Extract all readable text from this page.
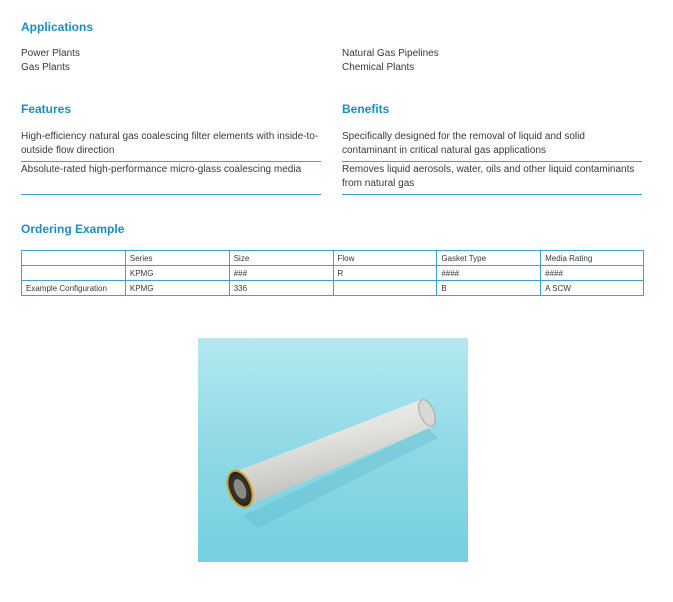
Applications
Power Plants
Gas Plants
Natural Gas Pipelines
Chemical Plants
Features
High-efficiency natural gas coalescing filter elements with inside-to-outside flow direction
Absolute-rated high-performance micro-glass coalescing media
Benefits
Specifically designed for the removal of liquid and solid contaminant in critical natural gas applications
Removes liquid aerosols, water, oils and other liquid contaminants from natural gas
Ordering Example
	Series	Size	Flow	Gasket Type	Media Rating
	KPMG	###	R	####	####
Example Configuration	KPMG	336		B	A SCW
